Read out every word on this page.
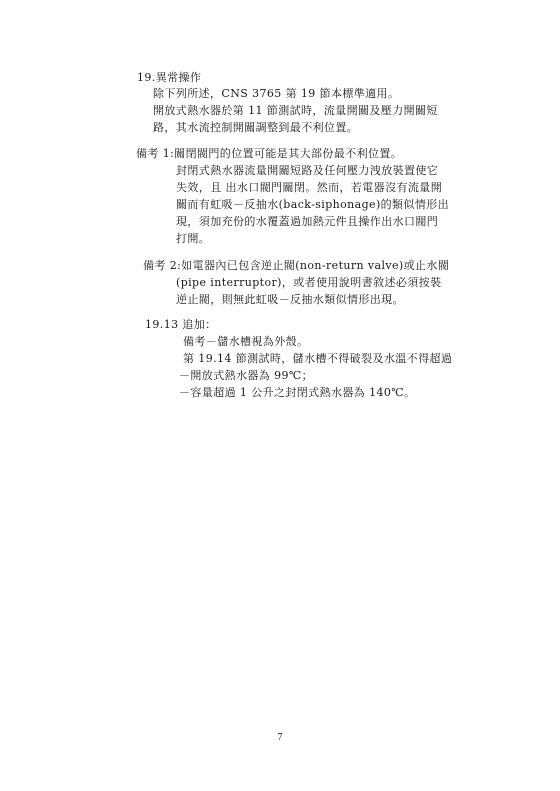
19.異常操作
除下列所述，CNS 3765 第 19 節本標準適用。
開放式熱水器於第 11 節測試時，流量開關及壓力開關短
路，其水流控制開關調整到最不利位置。
備考 1:關閉閥門的位置可能是其大部份最不利位置。
封閉式熱水器流量開關短路及任何壓力洩放裝置使它
失效，且 出水口閥門關閉。然而，若電器沒有流量開
關而有虹吸－反抽水(back-siphonage)的類似情形出
現，須加充份的水覆蓋過加熱元件且操作出水口閥門
打開。
備考 2:如電器內已包含逆止閥(non-return valve)或止水閥
(pipe interruptor)，或者使用說明書敘述必須按裝
逆止閥，則無此虹吸－反抽水類似情形出現。
19.13 追加：
備考－儲水槽視為外殼。
第 19.14 節測試時，儲水槽不得破裂及水溫不得超過
－開放式熱水器為 99℃；
－容量超過 1 公升之封閉式熱水器為 140℃。
7
